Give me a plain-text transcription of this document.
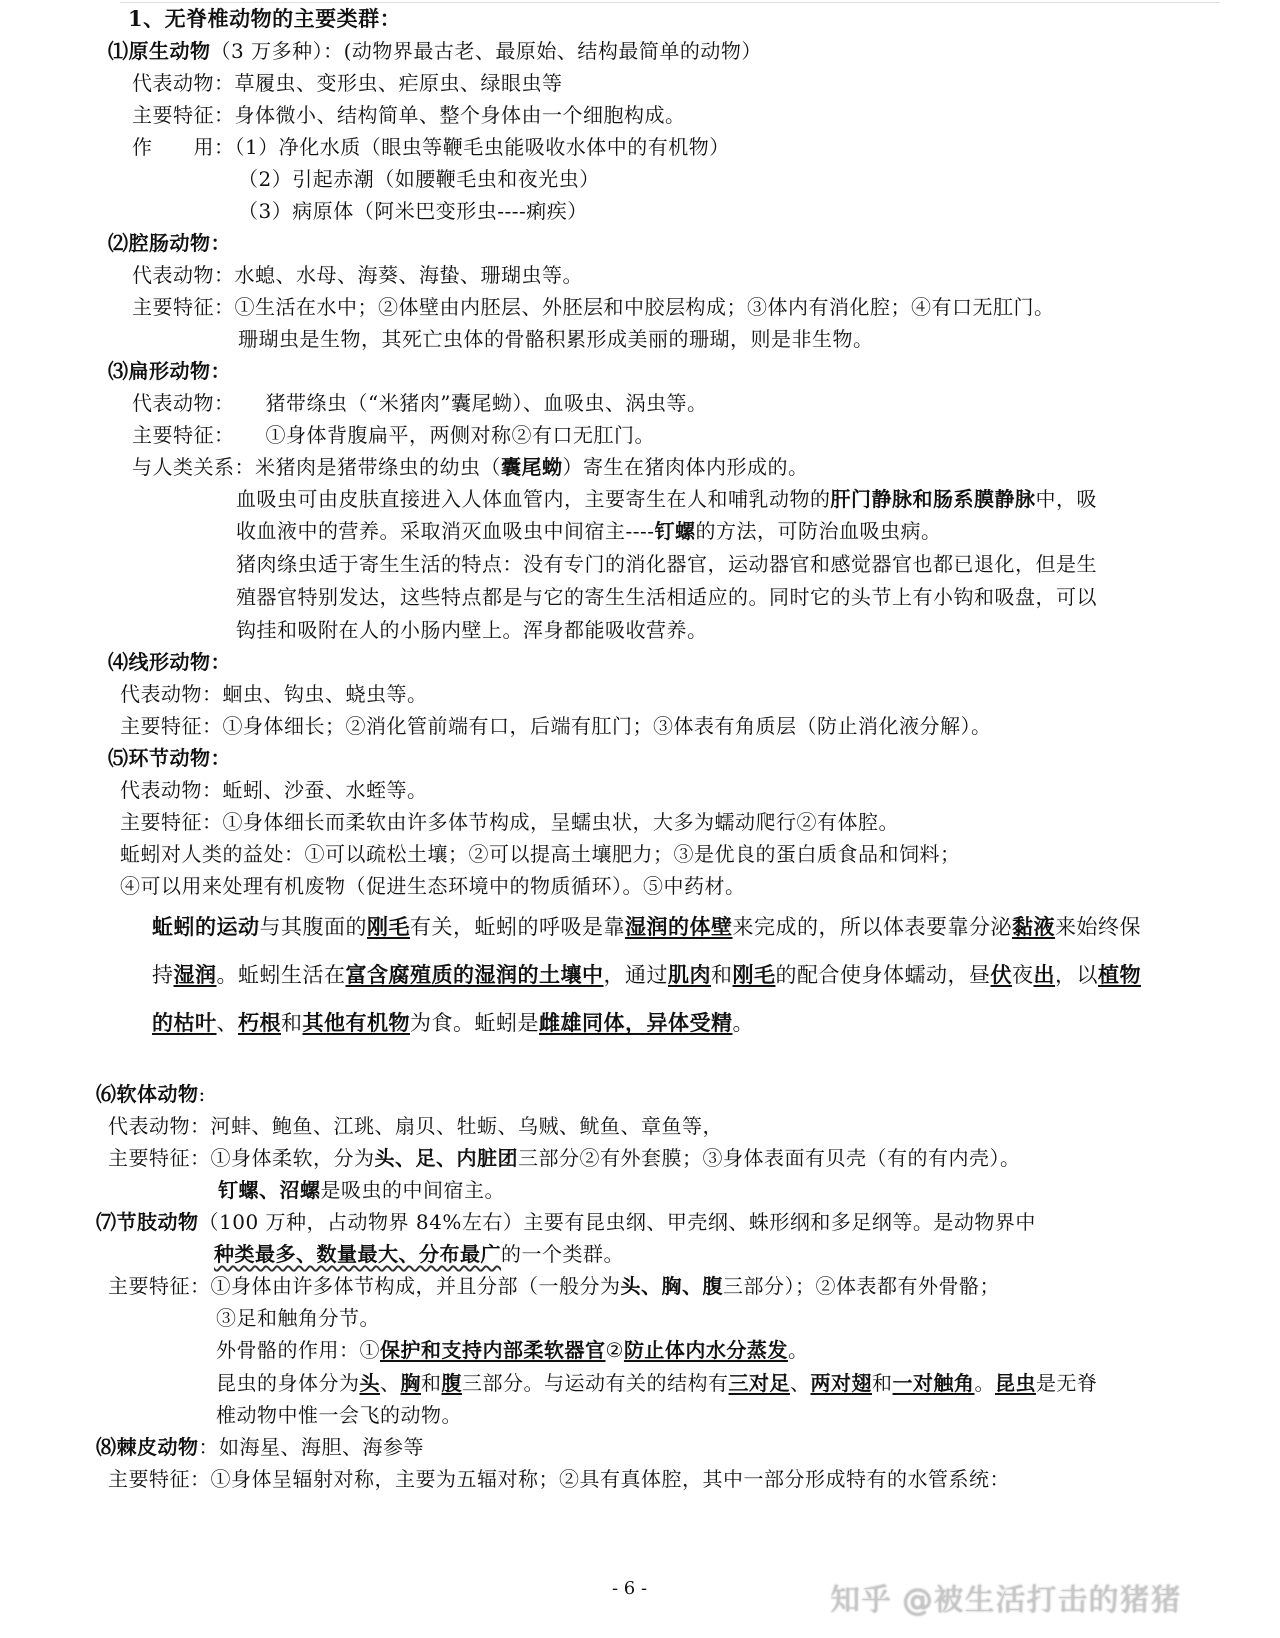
1、无脊椎动物的主要类群：
⑴原生动物（3 万多种）：(动物界最古老、最原始、结构最简单的动物）
代表动物：草履虫、变形虫、疟原虫、绿眼虫等
主要特征：身体微小、结构简单、整个身体由一个细胞构成。
作　　用：（1）净化水质（眼虫等鞭毛虫能吸收水体中的有机物）
（2）引起赤潮（如腰鞭毛虫和夜光虫）
（3）病原体（阿米巴变形虫----痢疾）
⑵腔肠动物：
代表动物：水螅、水母、海葵、海蛰、珊瑚虫等。
主要特征：①生活在水中；②体壁由内胚层、外胚层和中胶层构成；③体内有消化腔；④有口无肛门。
珊瑚虫是生物，其死亡虫体的骨骼积累形成美丽的珊瑚，则是非生物。
⑶扁形动物：
代表动物：　　猪带绦虫（“米猪肉”囊尾蚴）、血吸虫、涡虫等。
主要特征：　　①身体背腹扁平，两侧对称②有口无肛门。
与人类关系：米猪肉是猪带绦虫的幼虫（囊尾蚴）寄生在猪肉体内形成的。
血吸虫可由皮肤直接进入人体血管内，主要寄生在人和哺乳动物的肝门静脉和肠系膜静脉中，吸
收血液中的营养。采取消灭血吸虫中间宿主----钉螺的方法，可防治血吸虫病。
猪肉绦虫适于寄生生活的特点：没有专门的消化器官，运动器官和感觉器官也都已退化，但是生
殖器官特别发达，这些特点都是与它的寄生生活相适应的。同时它的头节上有小钩和吸盘，可以
钩挂和吸附在人的小肠内壁上。浑身都能吸收营养。
⑷线形动物：
代表动物：蛔虫、钩虫、蛲虫等。
主要特征：①身体细长；②消化管前端有口，后端有肛门；③体表有角质层（防止消化液分解）。
⑸环节动物：
代表动物：蚯蚓、沙蚕、水蛭等。
主要特征：①身体细长而柔软由许多体节构成，呈蠕虫状，大多为蠕动爬行②有体腔。
蚯蚓对人类的益处：①可以疏松土壤；②可以提高土壤肥力；③是优良的蛋白质食品和饲料；
④可以用来处理有机废物（促进生态环境中的物质循环）。⑤中药材。
蚯蚓的运动与其腹面的刚毛有关，蚯蚓的呼吸是靠湿润的体壁来完成的，所以体表要靠分泌黏液来始终保
持湿润。蚯蚓生活在富含腐殖质的湿润的土壤中，通过肌肉和刚毛的配合使身体蠕动，昼伏夜出，以植物
的枯叶、朽根和其他有机物为食。蚯蚓是雌雄同体，异体受精。
⑹软体动物:
代表动物：河蚌、鲍鱼、江珧、扇贝、牡蛎、乌贼、鱿鱼、章鱼等，
主要特征：①身体柔软，分为头、足、内脏团三部分②有外套膜；③身体表面有贝壳（有的有内壳）。
钉螺、沼螺是吸虫的中间宿主。
⑺节肢动物（100 万种，占动物界 84%左右）主要有昆虫纲、甲壳纲、蛛形纲和多足纲等。是动物界中
种类最多、数量最大、分布最广的一个类群。
主要特征：①身体由许多体节构成，并且分部（一般分为头、胸、腹三部分）；②体表都有外骨骼；
③足和触角分节。
外骨骼的作用：①保护和支持内部柔软器官②防止体内水分蒸发。
昆虫的身体分为头、胸和腹三部分。与运动有关的结构有三对足、两对翅和一对触角。昆虫是无脊
椎动物中惟一会飞的动物。
⑻棘皮动物：如海星、海胆、海参等
主要特征：①身体呈辐射对称，主要为五辐对称；②具有真体腔，其中一部分形成特有的水管系统：
- 6 -	知乎 @被生活打击的猪猪
